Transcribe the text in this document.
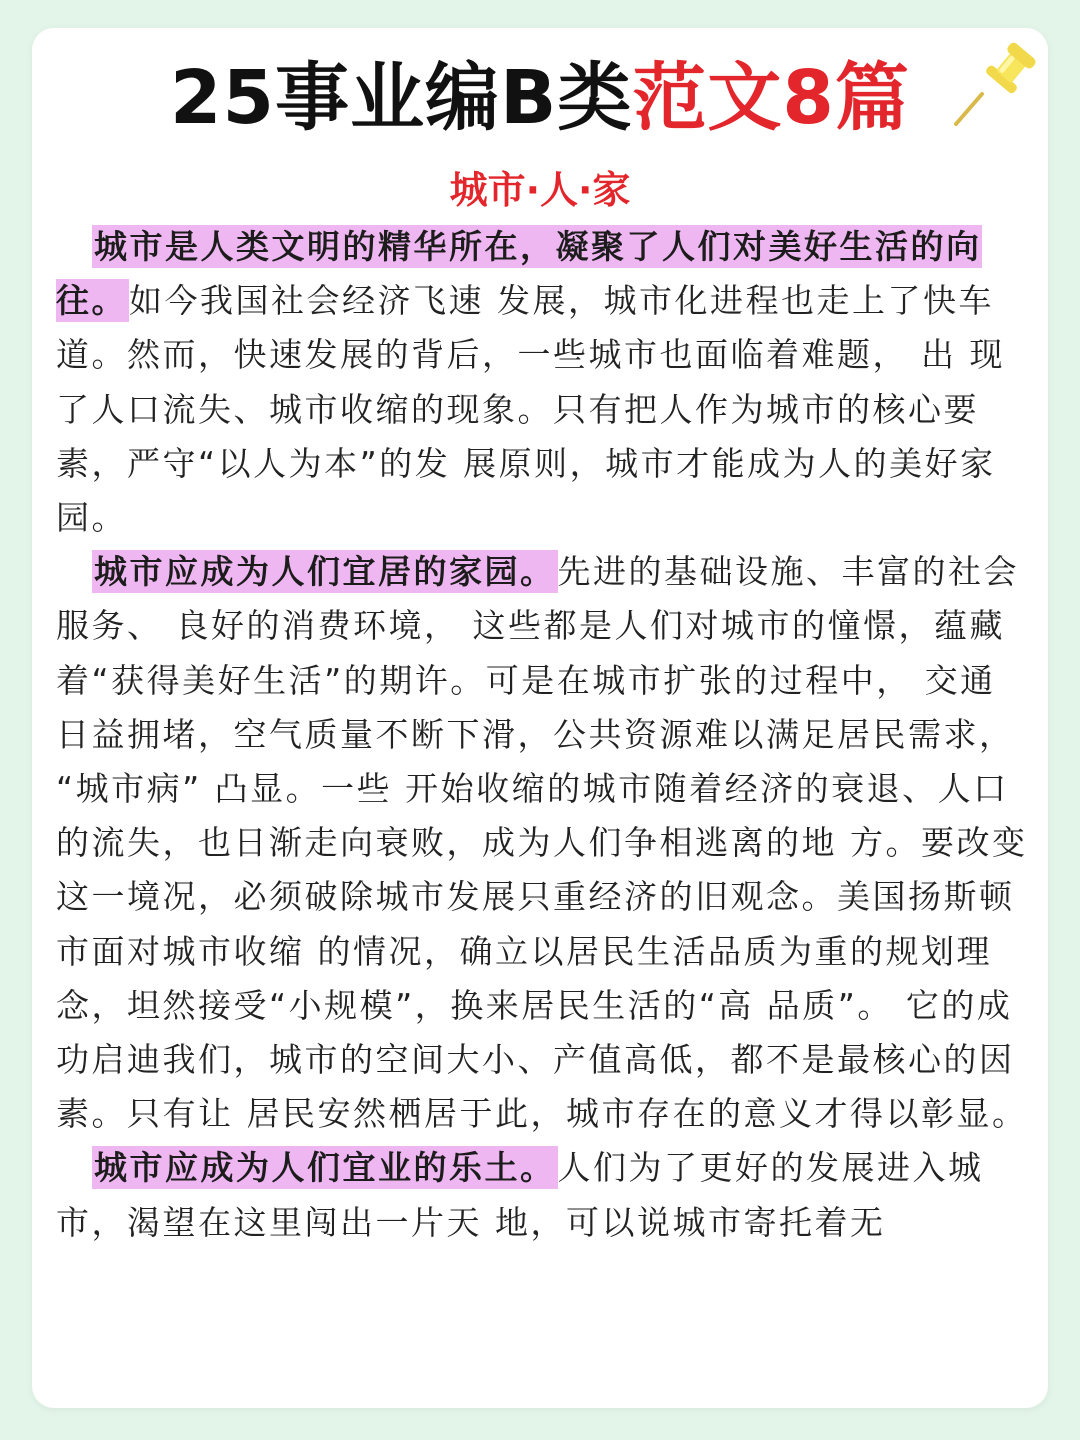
25事业编B类范文8篇
城市·人·家

城市是人类文明的精华所在，凝聚了人们对美好生活的向往。如今我国社会经济飞速 发展，城市化进程也走上了快车道。然而，快速发展的背后，一些城市也面临着难题， 出 现了人口流失、城市收缩的现象。只有把人作为城市的核心要素，严守“以人为本”的发 展原则，城市才能成为人的美好家园。

城市应成为人们宜居的家园。先进的基础设施、丰富的社会服务、 良好的消费环境， 这些都是人们对城市的憧憬，蕴藏着“获得美好生活”的期许。可是在城市扩张的过程中， 交通日益拥堵，空气质量不断下滑，公共资源难以满足居民需求， “城市病” 凸显。一些 开始收缩的城市随着经济的衰退、人口的流失，也日渐走向衰败，成为人们争相逃离的地 方。要改变这一境况，必须破除城市发展只重经济的旧观念。美国扬斯顿市面对城市收缩 的情况，确立以居民生活品质为重的规划理念，坦然接受“小规模”，换来居民生活的“高 品质”。 它的成功启迪我们，城市的空间大小、产值高低，都不是最核心的因素。只有让 居民安然栖居于此，城市存在的意义才得以彰显。

城市应成为人们宜业的乐土。人们为了更好的发展进入城市，渴望在这里闯出一片天 地，可以说城市寄托着无
